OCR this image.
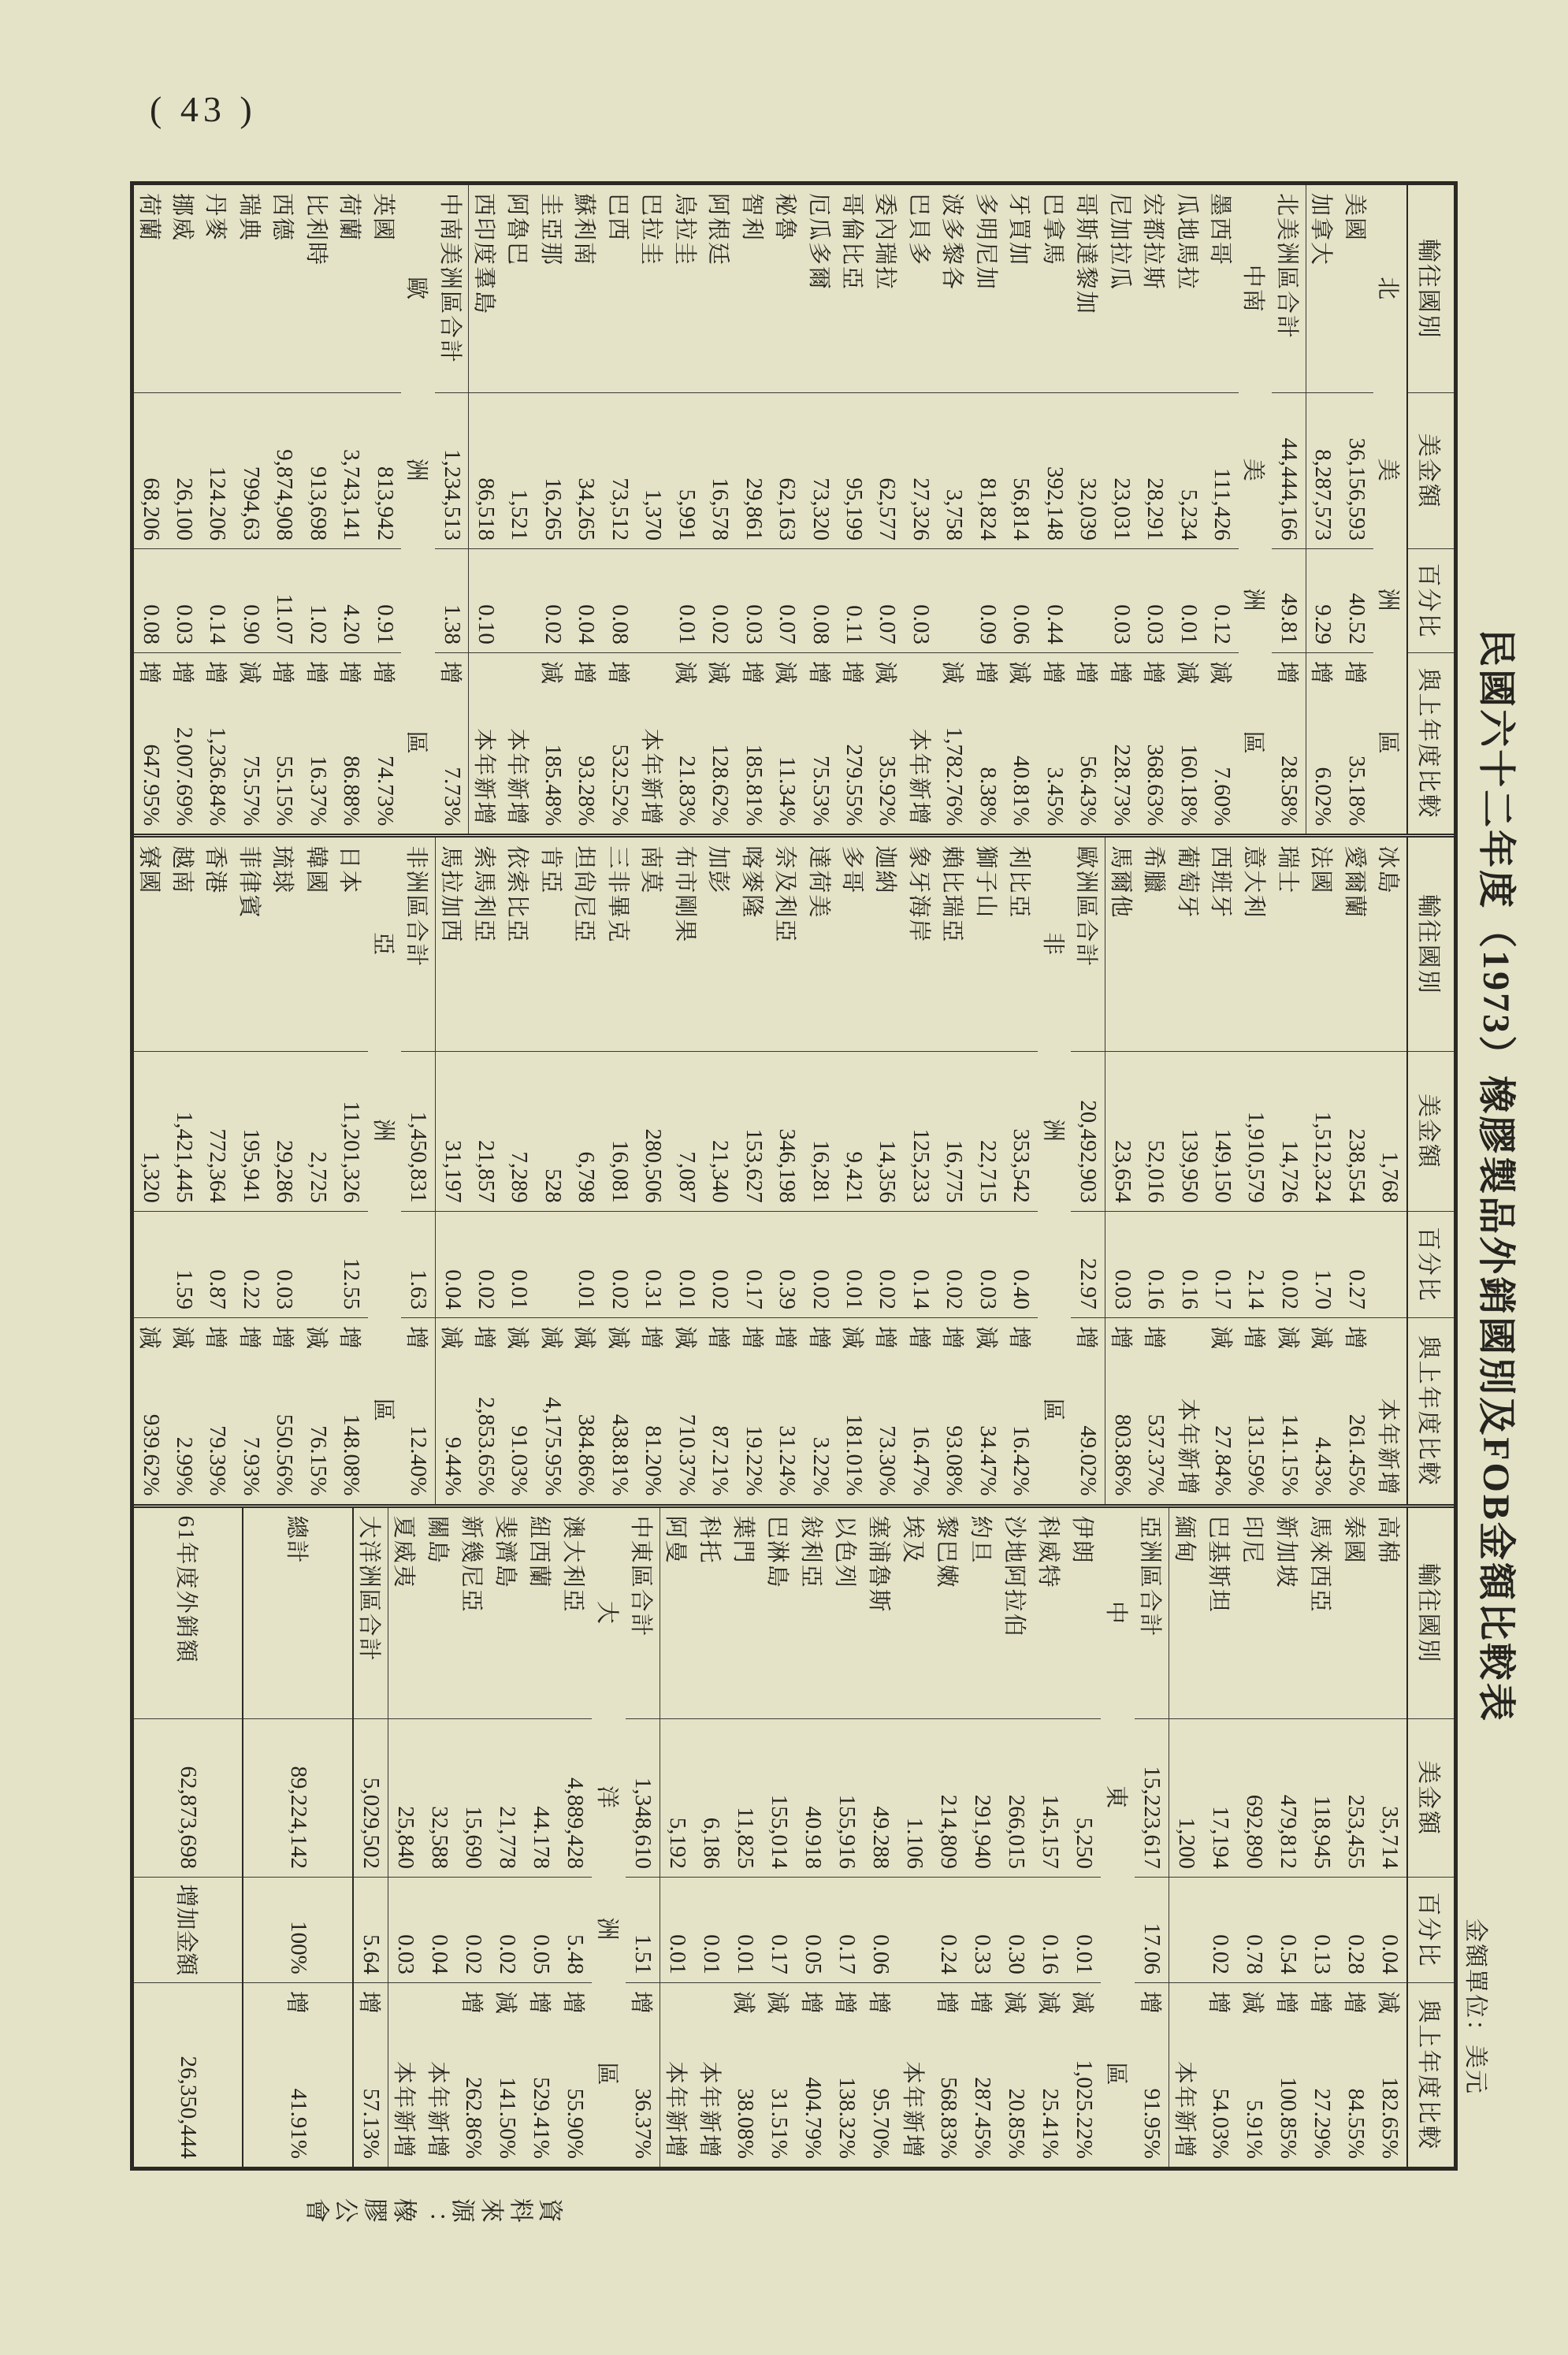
( 43 )
民國六十二年度（1973）橡膠製品外銷國別及FOB金額比較表
金額單位：美元
輸往國別
美金額
百分比
與上年度比較
北
美
洲
區
美國
36,156,593
40.52
增
35.18%
加拿大
8,287,573
9.29
增
6.02%
北美洲區合計
44,444,166
49.81
增
28.58%
中南
美
洲
區
墨西哥
111,426
0.12
減
7.60%
瓜地馬拉
5,234
0.01
減
160.18%
宏都拉斯
28,291
0.03
增
368.63%
尼加拉瓜
23,031
0.03
增
228.73%
哥斯達黎加
32,039
增
56.43%
巴拿馬
392,148
0.44
增
3.45%
牙買加
56,814
0.06
減
40.81%
多明尼加
81,824
0.09
增
8.38%
波多黎各
3,758
減
1,782.76%
巴貝多
27,326
0.03
本年新增
委內瑞拉
62,577
0.07
減
35.92%
哥倫比亞
95,199
0.11
增
279.55%
厄瓜多爾
73,320
0.08
增
75.53%
秘魯
62,163
0.07
減
11.34%
智利
29,861
0.03
增
185.81%
阿根廷
16,578
0.02
減
128.62%
烏拉圭
5,991
0.01
減
21.83%
巴拉圭
1,370
本年新增
巴西
73,512
0.08
增
532.52%
蘇利南
34,265
0.04
增
93.28%
圭亞那
16,265
0.02
減
185.48%
阿魯巴
1,521
本年新增
西印度羣島
86,518
0.10
本年新增
中南美洲區合計
1,234,513
1.38
增
7.73%
歐
洲
區
英國
813,942
0.91
增
74.73%
荷蘭
3,743,141
4.20
增
86.88%
比利時
913,698
1.02
增
16.37%
西德
9,874,908
11.07
增
55.15%
瑞典
7994,63
0.90
減
75.57%
丹麥
124.206
0.14
增
1,236.84%
挪威
26,100
0.03
增
2,007.69%
荷蘭
68,206
0.08
增
647.95%
輸往國別
美金額
百分比
與上年度比較
冰島
1,768
本年新增
愛爾蘭
238,554
0.27
增
261.45%
法國
1,512,324
1.70
減
4.43%
瑞士
14,726
0.02
減
141.15%
意大利
1,910,579
2.14
增
131.59%
西班牙
149,150
0.17
減
27.84%
葡萄牙
139,950
0.16
本年新增
希臘
52,016
0.16
增
537.37%
馬爾他
23,654
0.03
增
803.86%
歐洲區合計
20,492,903
22.97
增
49.02%
非
洲
區
利比亞
353,542
0.40
增
16.42%
獅子山
22,715
0.03
減
34.47%
賴比瑞亞
16,775
0.02
增
93.08%
象牙海岸
125,233
0.14
增
16.47%
迦納
14,356
0.02
增
73.30%
多哥
9,421
0.01
減
181.01%
達荷美
16,281
0.02
增
3.22%
奈及利亞
346,198
0.39
增
31.24%
喀麥隆
153,627
0.17
增
19.22%
加彭
21,340
0.02
增
87.21%
布市剛果
7,087
0.01
減
710.37%
南莫
280,506
0.31
增
81.20%
三非畢克
16,081
0.02
減
438.81%
坦尙尼亞
6,798
0.01
減
384.86%
肯亞
528
減
4,175.95%
依索比亞
7,289
0.01
減
91.03%
索馬利亞
21,857
0.02
增
2,853.65%
馬拉加西
31,197
0.04
減
9.44%
非洲區合計
1,450,831
1.63
增
12.40%
亞
洲
區
日本
11,201,326
12.55
增
148.08%
韓國
2,725
減
76.15%
琉球
29,286
0.03
增
550.56%
菲律賓
195,941
0.22
增
7.93%
香港
772,364
0.87
增
79.39%
越南
1,421,445
1.59
減
2.99%
寮國
1,320
減
939.62%
輸往國別
美金額
百分比
與上年度比較
高棉
35,714
0.04
減
182.65%
泰國
253,455
0.28
增
84.55%
馬來西亞
118,945
0.13
增
27.29%
新加坡
479,812
0.54
增
100.85%
印尼
692,890
0.78
減
5.91%
巴基斯坦
17,194
0.02
增
54.03%
緬甸
1,200
本年新增
亞洲區合計
15,223,617
17.06
增
91.95%
中
東
區
伊朗
5,250
0.01
減
1,025.22%
科威特
145,157
0.16
減
25.41%
沙地阿拉伯
266,015
0.30
減
20.85%
約旦
291,940
0.33
增
287.45%
黎巴嫩
214,809
0.24
增
568.83%
埃及
1.106
本年新增
塞浦魯斯
49.288
0.06
增
95.70%
以色列
155,916
0.17
增
138.32%
敍利亞
40.918
0.05
增
404.79%
巴淋島
155,014
0.17
減
31.51%
葉門
11,825
0.01
減
38.08%
科托
6,186
0.01
本年新增
阿曼
5,192
0.01
本年新增
中東區合計
1,348,610
1.51
增
36.37%
大
洋
洲
區
澳大利亞
4,889,428
5.48
增
55.90%
紐西蘭
44.178
0.05
增
529.41%
斐濟島
21,778
0.02
減
141.50%
新幾尼亞
15,690
0.02
增
262.86%
關島
32,588
0.04
本年新增
夏威夷
25,840
0.03
本年新增
大洋洲區合計
5,029,502
5.64
增
57.13%
總計
89,224,142
100%
增
41.91%
61年度外銷額
62,873,698
增加金額
26,350,444
資料來源：橡膠公會
